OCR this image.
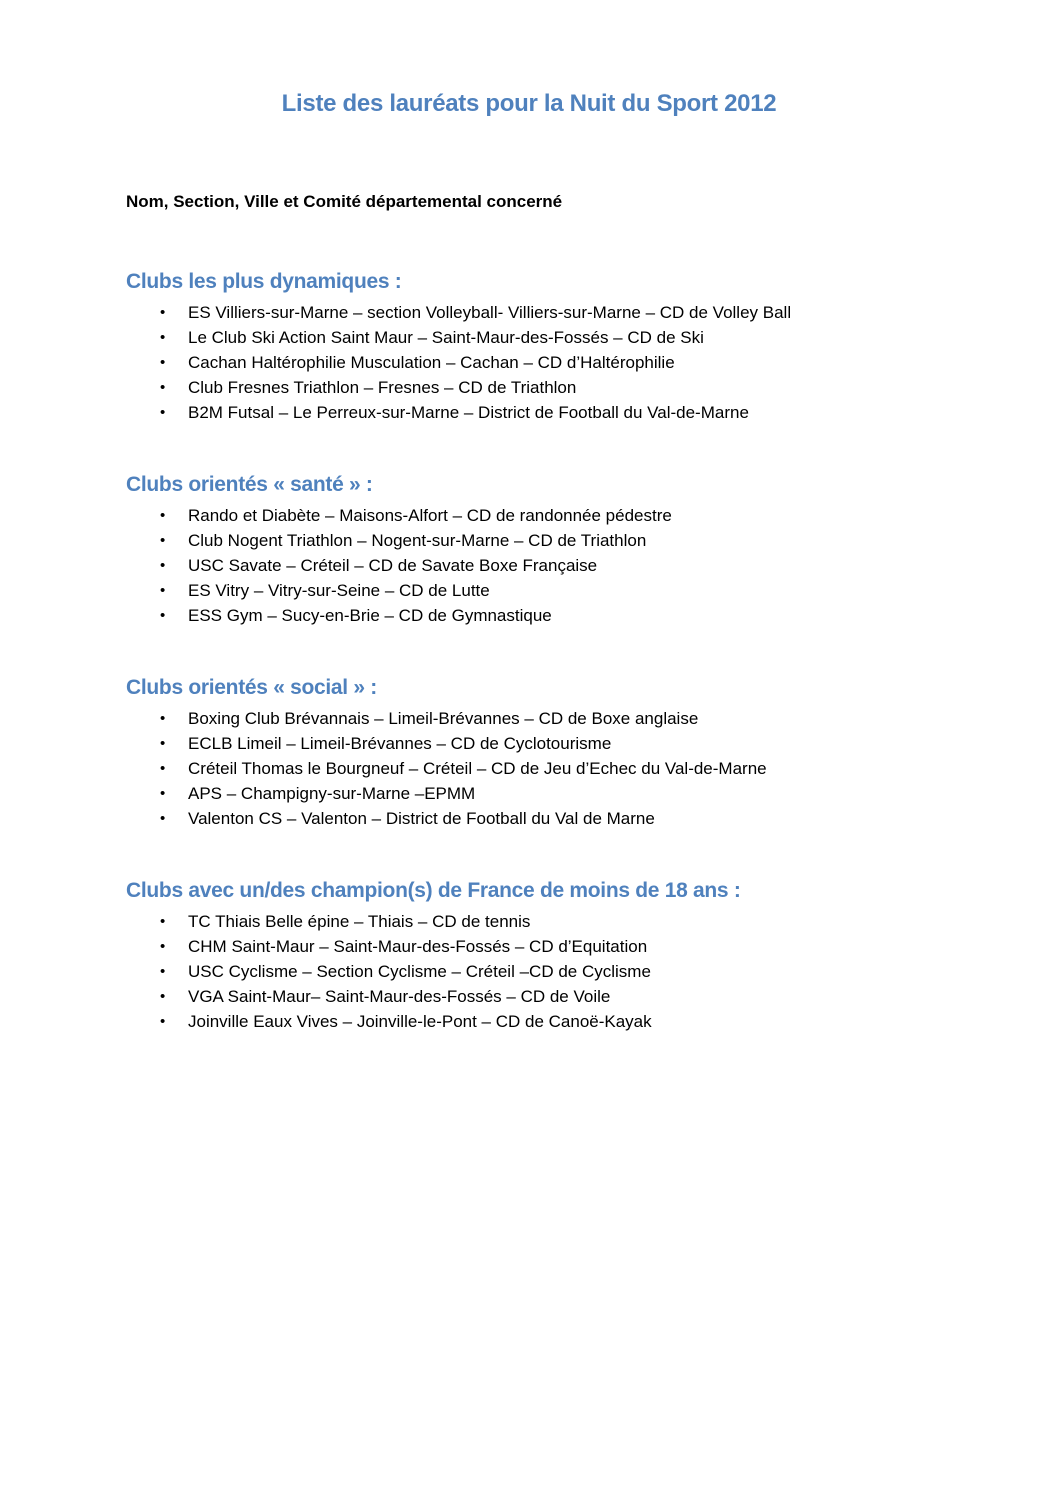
Liste des lauréats pour la Nuit du Sport 2012
Nom, Section, Ville et Comité départemental concerné
Clubs les plus dynamiques :
• ES Villiers-sur-Marne – section Volleyball- Villiers-sur-Marne – CD de Volley Ball
• Le Club Ski Action Saint Maur – Saint-Maur-des-Fossés – CD de Ski
• Cachan Haltérophilie Musculation – Cachan – CD d’Haltérophilie
• Club Fresnes Triathlon – Fresnes – CD de Triathlon
• B2M Futsal – Le Perreux-sur-Marne – District de Football du Val-de-Marne
Clubs orientés « santé » :
• Rando et Diabète – Maisons-Alfort – CD de randonnée pédestre
• Club Nogent Triathlon – Nogent-sur-Marne – CD de Triathlon
• USC Savate – Créteil – CD de Savate Boxe Française
• ES Vitry – Vitry-sur-Seine – CD de Lutte
• ESS Gym – Sucy-en-Brie – CD de Gymnastique
Clubs orientés « social » :
• Boxing Club Brévannais – Limeil-Brévannes – CD de Boxe anglaise
• ECLB Limeil – Limeil-Brévannes – CD de Cyclotourisme
• Créteil Thomas le Bourgneuf – Créteil – CD de Jeu d’Echec du Val-de-Marne
• APS – Champigny-sur-Marne –EPMM
• Valenton CS – Valenton – District de Football du Val de Marne
Clubs avec un/des champion(s) de France de moins de 18 ans :
• TC Thiais Belle épine – Thiais – CD de tennis
• CHM Saint-Maur – Saint-Maur-des-Fossés – CD d’Equitation
• USC Cyclisme – Section Cyclisme – Créteil –CD de Cyclisme
• VGA Saint-Maur– Saint-Maur-des-Fossés – CD de Voile
• Joinville Eaux Vives – Joinville-le-Pont – CD de Canoë-Kayak
